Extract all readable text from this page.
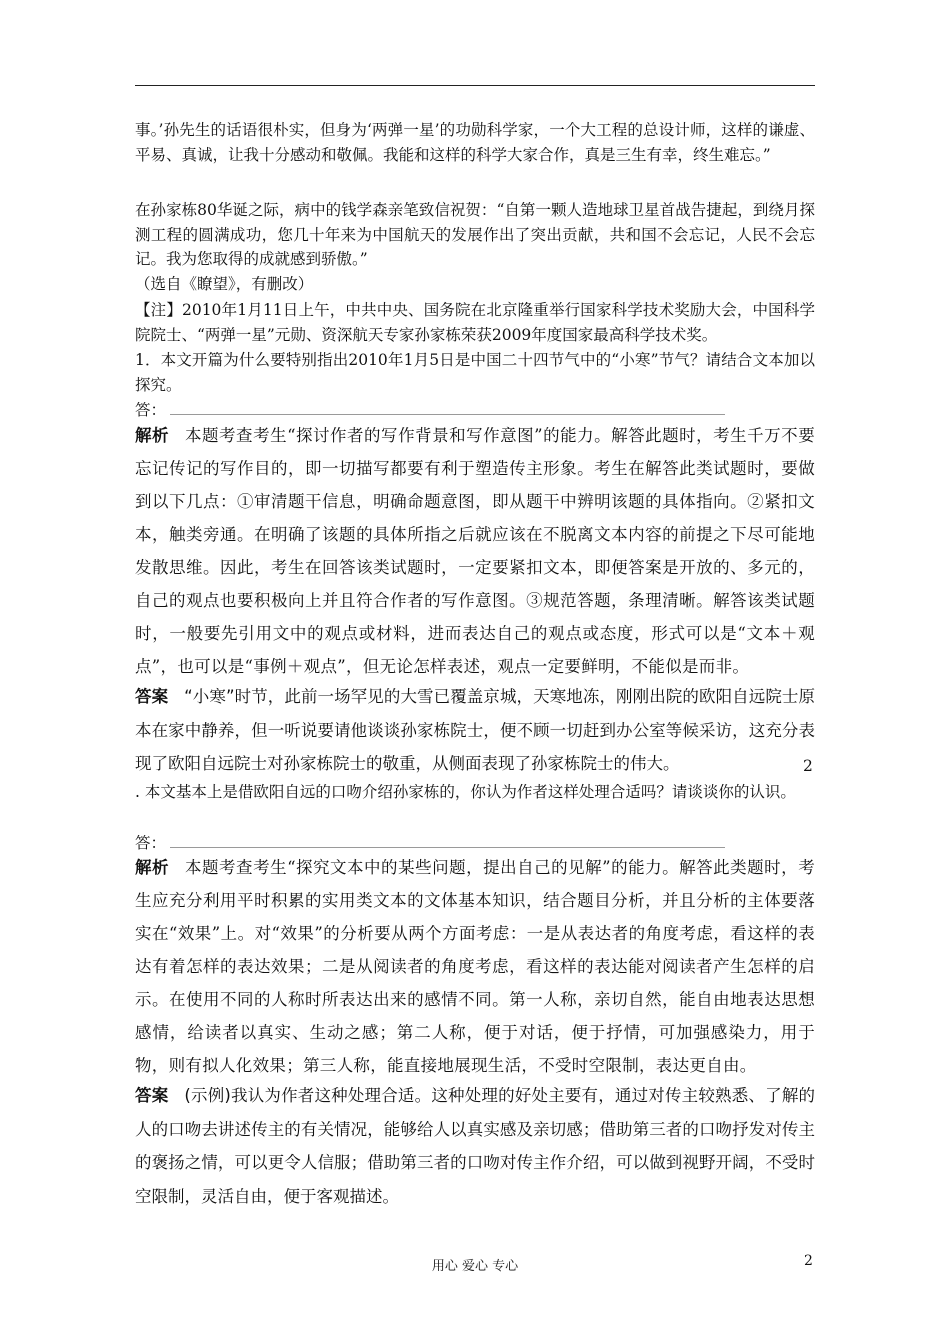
事。’孙先生的话语很朴实，但身为‘两弹一星’的功勋科学家，一个大工程的总设计师，这样的谦虚、平易、真诚，让我十分感动和敬佩。我能和这样的科学大家合作，真是三生有幸，终生难忘。”

在孙家栋80华诞之际，病中的钱学森亲笔致信祝贺：“自第一颗人造地球卫星首战告捷起，到绕月探测工程的圆满成功，您几十年来为中国航天的发展作出了突出贡献，共和国不会忘记，人民不会忘记。我为您取得的成就感到骄傲。”

（选自《瞭望》，有删改）

【注】2010年1月11日上午，中共中央、国务院在北京隆重举行国家科学技术奖励大会，中国科学院院士、“两弹一星”元勋、资深航天专家孙家栋荣获2009年度国家最高科学技术奖。

1．本文开篇为什么要特别指出2010年1月5日是中国二十四节气中的“小寒”节气？请结合文本加以探究。

答：
解析 本题考查考生“探讨作者的写作背景和写作意图”的能力。解答此题时，考生千万不要忘记传记的写作目的，即一切描写都要有利于塑造传主形象。考生在解答此类试题时，要做到以下几点：①审清题干信息，明确命题意图，即从题干中辨明该题的具体指向。②紧扣文本，触类旁通。在明确了该题的具体所指之后就应该在不脱离文本内容的前提之下尽可能地发散思维。因此，考生在回答该类试题时，一定要紧扣文本，即便答案是开放的、多元的，自己的观点也要积极向上并且符合作者的写作意图。③规范答题，条理清晰。解答该类试题时，一般要先引用文中的观点或材料，进而表达自己的观点或态度，形式可以是“文本＋观点”，也可以是“事例＋观点”，但无论怎样表述，观点一定要鲜明，不能似是而非。
答案 “小寒”时节，此前一场罕见的大雪已覆盖京城，天寒地冻，刚刚出院的欧阳自远院士原本在家中静养，但一听说要请他谈谈孙家栋院士，便不顾一切赶到办公室等候采访，这充分表现了欧阳自远院士对孙家栋院士的敬重，从侧面表现了孙家栋院士的伟大。	2

. 本文基本上是借欧阳自远的口吻介绍孙家栋的，你认为作者这样处理合适吗？请谈谈你的认识。

答：
解析 本题考查考生“探究文本中的某些问题，提出自己的见解”的能力。解答此类题时，考生应充分利用平时积累的实用类文本的文体基本知识，结合题目分析，并且分析的主体要落实在“效果”上。对“效果”的分析要从两个方面考虑：一是从表达者的角度考虑，看这样的表达有着怎样的表达效果；二是从阅读者的角度考虑，看这样的表达能对阅读者产生怎样的启示。在使用不同的人称时所表达出来的感情不同。第一人称，亲切自然，能自由地表达思想感情，给读者以真实、生动之感；第二人称，便于对话，便于抒情，可加强感染力，用于物，则有拟人化效果；第三人称，能直接地展现生活，不受时空限制，表达更自由。
答案 (示例)我认为作者这种处理合适。这种处理的好处主要有，通过对传主较熟悉、了解的人的口吻去讲述传主的有关情况，能够给人以真实感及亲切感；借助第三者的口吻抒发对传主的褒扬之情，可以更令人信服；借助第三者的口吻对传主作介绍，可以做到视野开阔，不受时空限制，灵活自由，便于客观描述。
用心 爱心 专心	2
